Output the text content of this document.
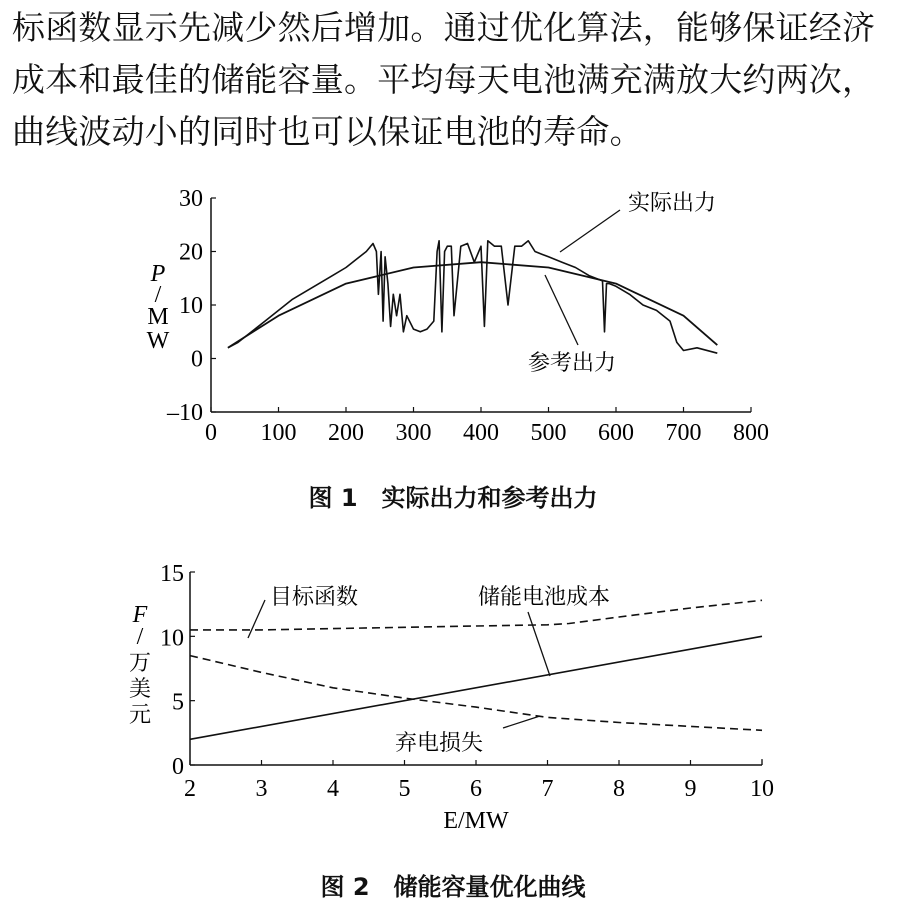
标函数显示先减少然后增加。通过优化算法，能够保证经济

成本和最佳的储能容量。平均每天电池满充满放大约两次，

曲线波动小的同时也可以保证电池的寿命。

0 100 200 300 400 500 600 700 800
–10
0
10
20
30
P
/
M
W
实际出力
参考出力
图 1　实际出力和参考出力
2 3 4 5 6 7 8 9 10
0
5
10
15
E/MW
F
/
万
美
元
目标函数	储能电池成本
弃电损失
图 2　储能容量优化曲线
